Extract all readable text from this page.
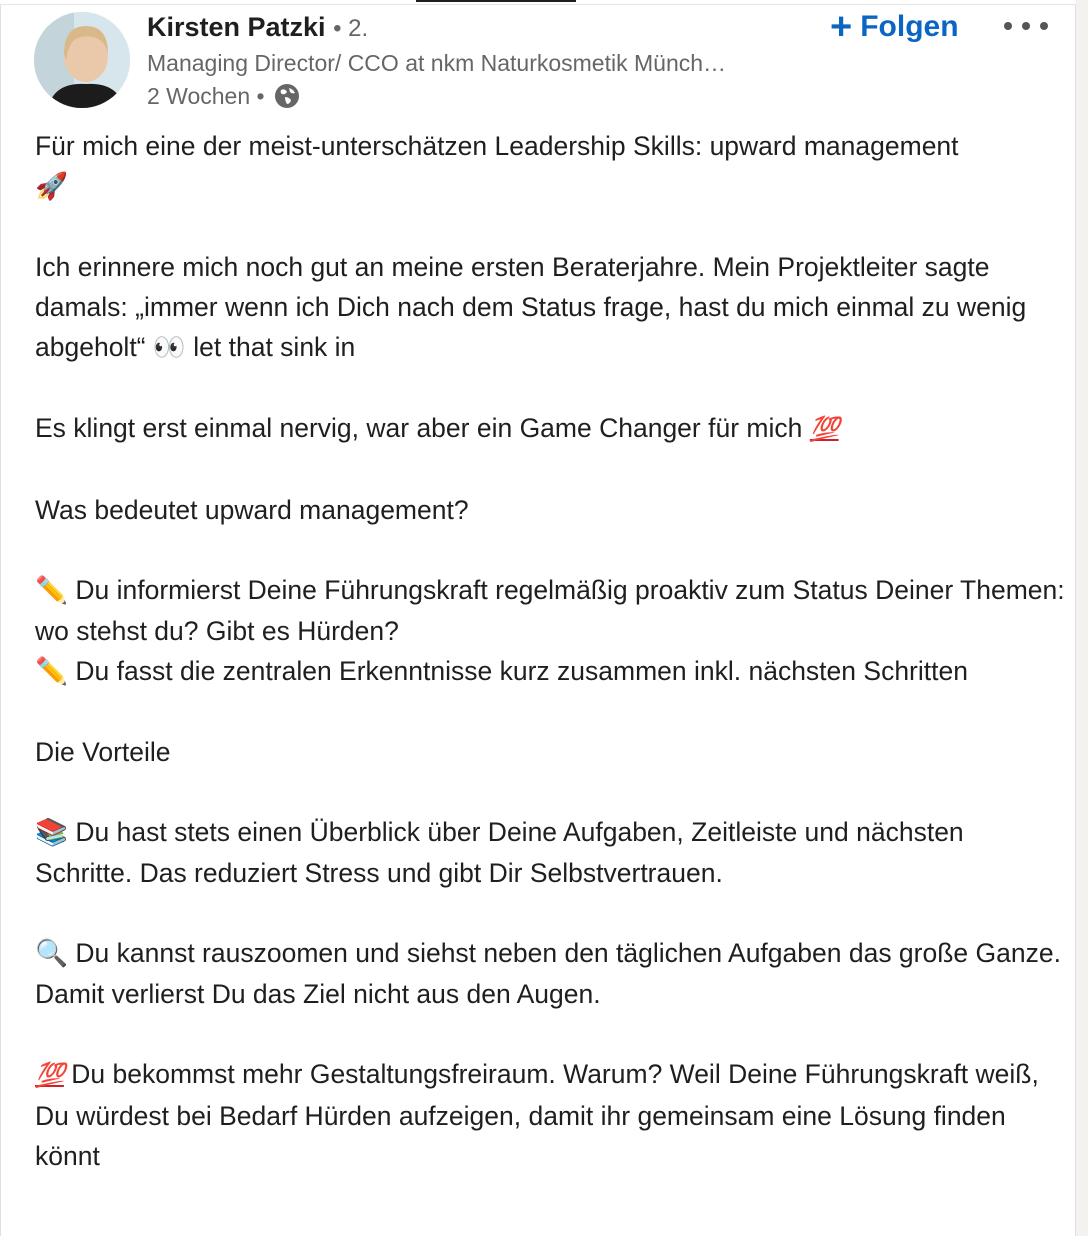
Kirsten Patzki • 2.
Managing Director/ CCO at nkm Naturkosmetik Münch…
2 Wochen •
+ Folgen
Für mich eine der meist-unterschätzen Leadership Skills: upward management
🚀
Ich erinnere mich noch gut an meine ersten Beraterjahre. Mein Projektleiter sagte damals: „immer wenn ich Dich nach dem Status frage, hast du mich einmal zu wenig abgeholt“ 👀 let that sink in
Es klingt erst einmal nervig, war aber ein Game Changer für mich 💯
Was bedeutet upward management?
✏️ Du informierst Deine Führungskraft regelmäßig proaktiv zum Status Deiner Themen: wo stehst du? Gibt es Hürden?
✏️ Du fasst die zentralen Erkenntnisse kurz zusammen inkl. nächsten Schritten
Die Vorteile
📚 Du hast stets einen Überblick über Deine Aufgaben, Zeitleiste und nächsten Schritte. Das reduziert Stress und gibt Dir Selbstvertrauen.
🔍 Du kannst rauszoomen und siehst neben den täglichen Aufgaben das große Ganze. Damit verlierst Du das Ziel nicht aus den Augen.
💯 Du bekommst mehr Gestaltungsfreiraum. Warum? Weil Deine Führungskraft weiß, Du würdest bei Bedarf Hürden aufzeigen, damit ihr gemeinsam eine Lösung finden könnt
